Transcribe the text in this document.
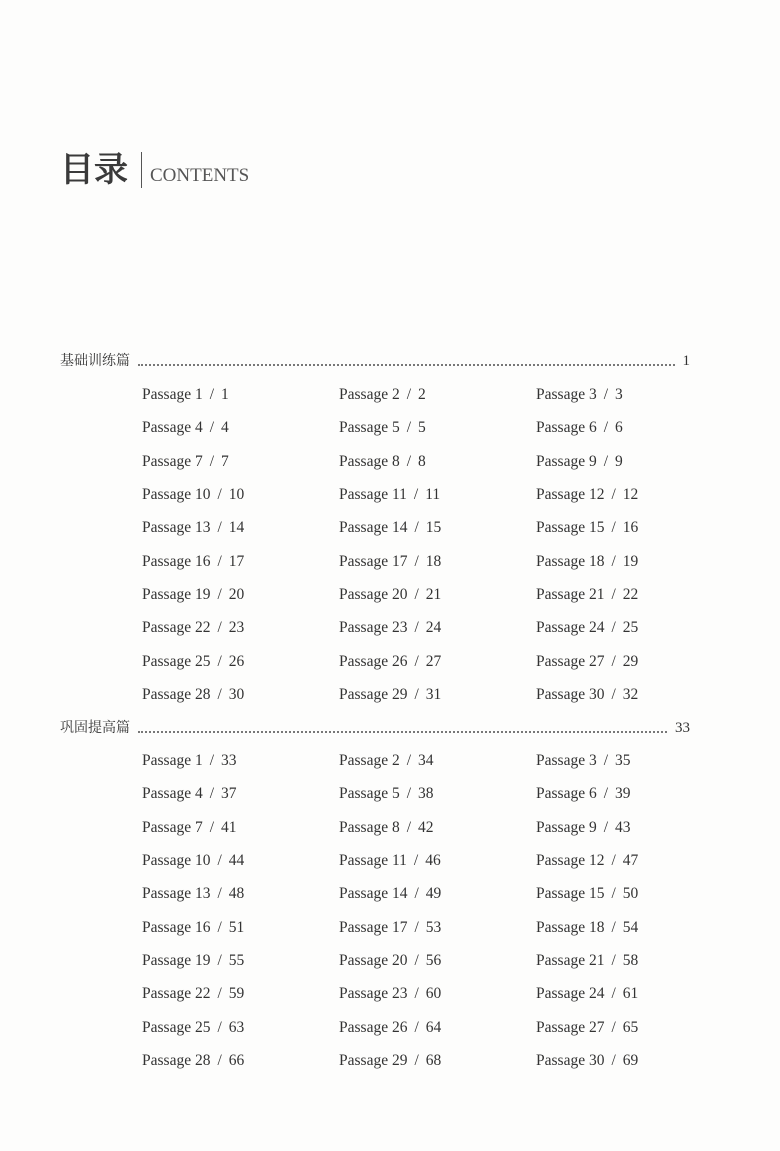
目录 CONTENTS
基础训练篇	1
Passage 1 / 1	Passage 2 / 2	Passage 3 / 3
Passage 4 / 4	Passage 5 / 5	Passage 6 / 6
Passage 7 / 7	Passage 8 / 8	Passage 9 / 9
Passage 10 / 10	Passage 11 / 11	Passage 12 / 12
Passage 13 / 14	Passage 14 / 15	Passage 15 / 16
Passage 16 / 17	Passage 17 / 18	Passage 18 / 19
Passage 19 / 20	Passage 20 / 21	Passage 21 / 22
Passage 22 / 23	Passage 23 / 24	Passage 24 / 25
Passage 25 / 26	Passage 26 / 27	Passage 27 / 29
Passage 28 / 30	Passage 29 / 31	Passage 30 / 32
巩固提高篇	33
Passage 1 / 33	Passage 2 / 34	Passage 3 / 35
Passage 4 / 37	Passage 5 / 38	Passage 6 / 39
Passage 7 / 41	Passage 8 / 42	Passage 9 / 43
Passage 10 / 44	Passage 11 / 46	Passage 12 / 47
Passage 13 / 48	Passage 14 / 49	Passage 15 / 50
Passage 16 / 51	Passage 17 / 53	Passage 18 / 54
Passage 19 / 55	Passage 20 / 56	Passage 21 / 58
Passage 22 / 59	Passage 23 / 60	Passage 24 / 61
Passage 25 / 63	Passage 26 / 64	Passage 27 / 65
Passage 28 / 66	Passage 29 / 68	Passage 30 / 69
